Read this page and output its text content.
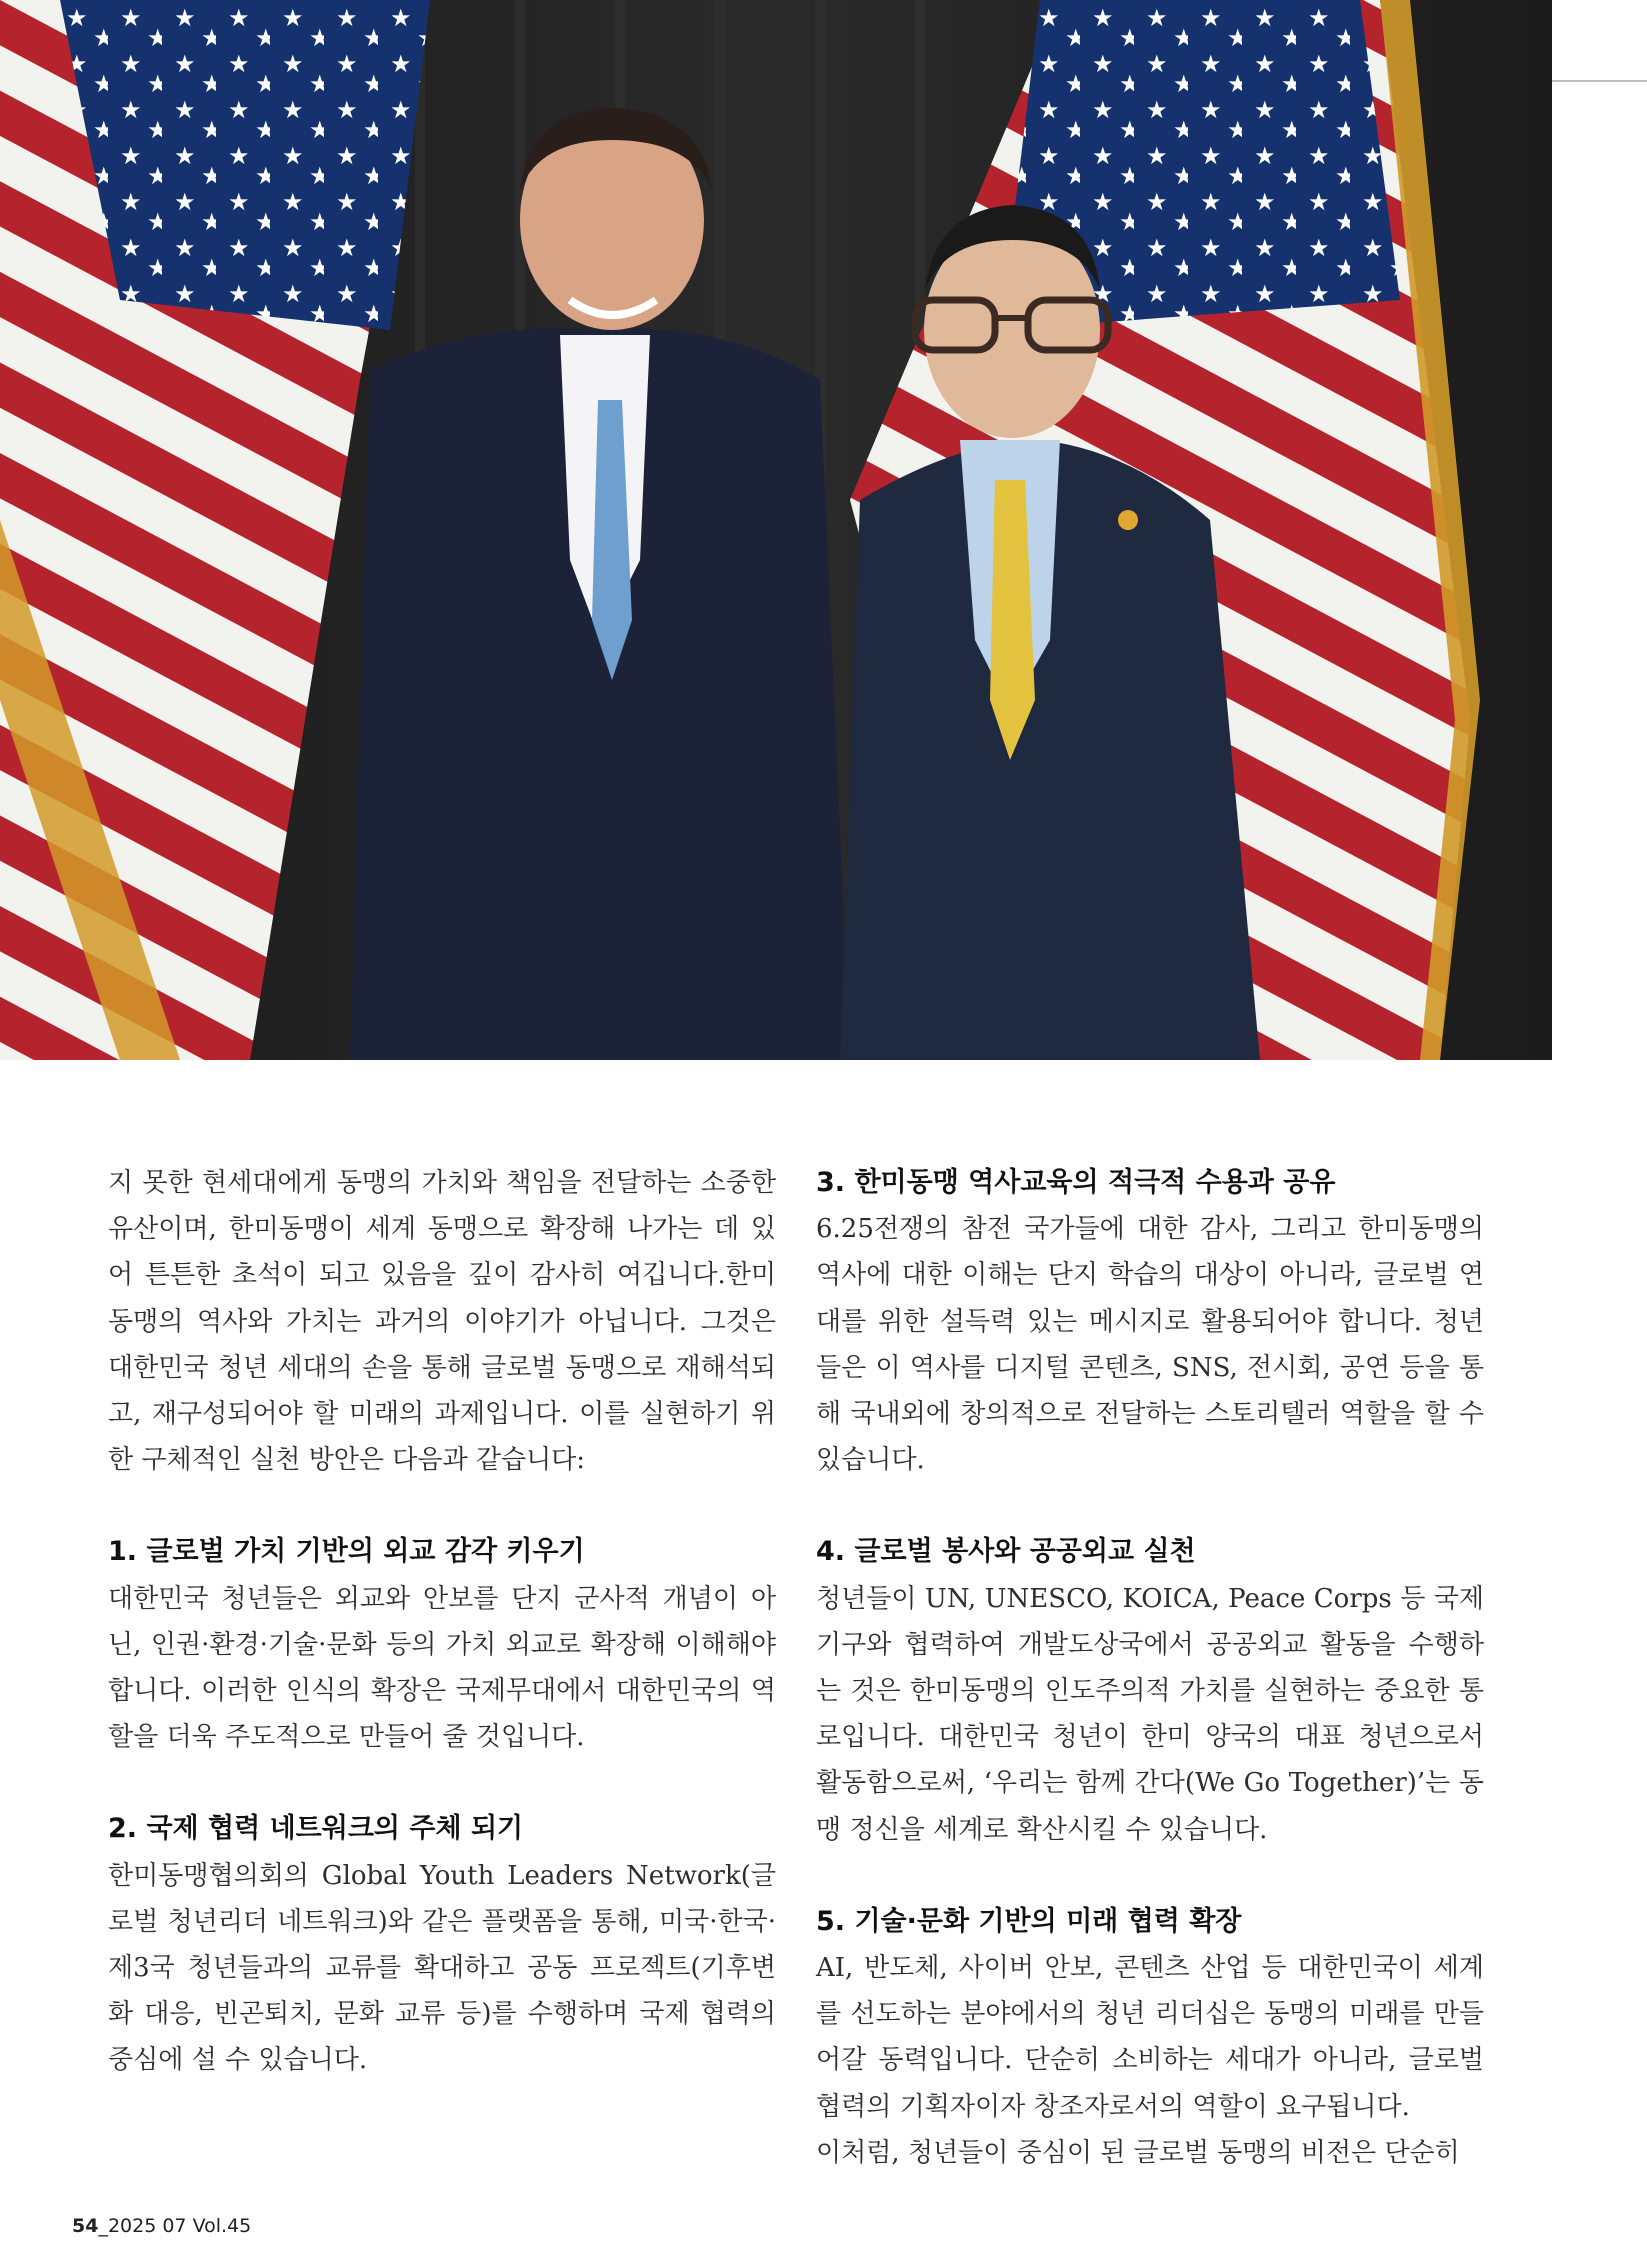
지 못한 현세대에게 동맹의 가치와 책임을 전달하는 소중한 유산이며, 한미동맹이 세계 동맹으로 확장해 나가는 데 있어 튼튼한 초석이 되고 있음을 깊이 감사히 여깁니다.한미동맹의 역사와 가치는 과거의 이야기가 아닙니다. 그것은 대한민국 청년 세대의 손을 통해 글로벌 동맹으로 재해석되고, 재구성되어야 할 미래의 과제입니다. 이를 실현하기 위한 구체적인 실천 방안은 다음과 같습니다:

1. 글로벌 가치 기반의 외교 감각 키우기

대한민국 청년들은 외교와 안보를 단지 군사적 개념이 아닌, 인권·환경·기술·문화 등의 가치 외교로 확장해 이해해야 합니다. 이러한 인식의 확장은 국제무대에서 대한민국의 역할을 더욱 주도적으로 만들어 줄 것입니다.

2. 국제 협력 네트워크의 주체 되기

한미동맹협의회의 Global Youth Leaders Network(글로벌 청년리더 네트워크)와 같은 플랫폼을 통해, 미국·한국·제3국 청년들과의 교류를 확대하고 공동 프로젝트(기후변화 대응, 빈곤퇴치, 문화 교류 등)를 수행하며 국제 협력의 중심에 설 수 있습니다.

3. 한미동맹 역사교육의 적극적 수용과 공유

6.25전쟁의 참전 국가들에 대한 감사, 그리고 한미동맹의 역사에 대한 이해는 단지 학습의 대상이 아니라, 글로벌 연대를 위한 설득력 있는 메시지로 활용되어야 합니다. 청년들은 이 역사를 디지털 콘텐츠, SNS, 전시회, 공연 등을 통해 국내외에 창의적으로 전달하는 스토리텔러 역할을 할 수 있습니다.

4. 글로벌 봉사와 공공외교 실천

청년들이 UN, UNESCO, KOICA, Peace Corps 등 국제기구와 협력하여 개발도상국에서 공공외교 활동을 수행하는 것은 한미동맹의 인도주의적 가치를 실현하는 중요한 통로입니다. 대한민국 청년이 한미 양국의 대표 청년으로서 활동함으로써, ‘우리는 함께 간다(We Go Together)’는 동맹 정신을 세계로 확산시킬 수 있습니다.

5. 기술·문화 기반의 미래 협력 확장

AI, 반도체, 사이버 안보, 콘텐츠 산업 등 대한민국이 세계를 선도하는 분야에서의 청년 리더십은 동맹의 미래를 만들어갈 동력입니다. 단순히 소비하는 세대가 아니라, 글로벌 협력의 기획자이자 창조자로서의 역할이 요구됩니다.

이처럼, 청년들이 중심이 된 글로벌 동맹의 비전은 단순히

54_2025 07 Vol.45
